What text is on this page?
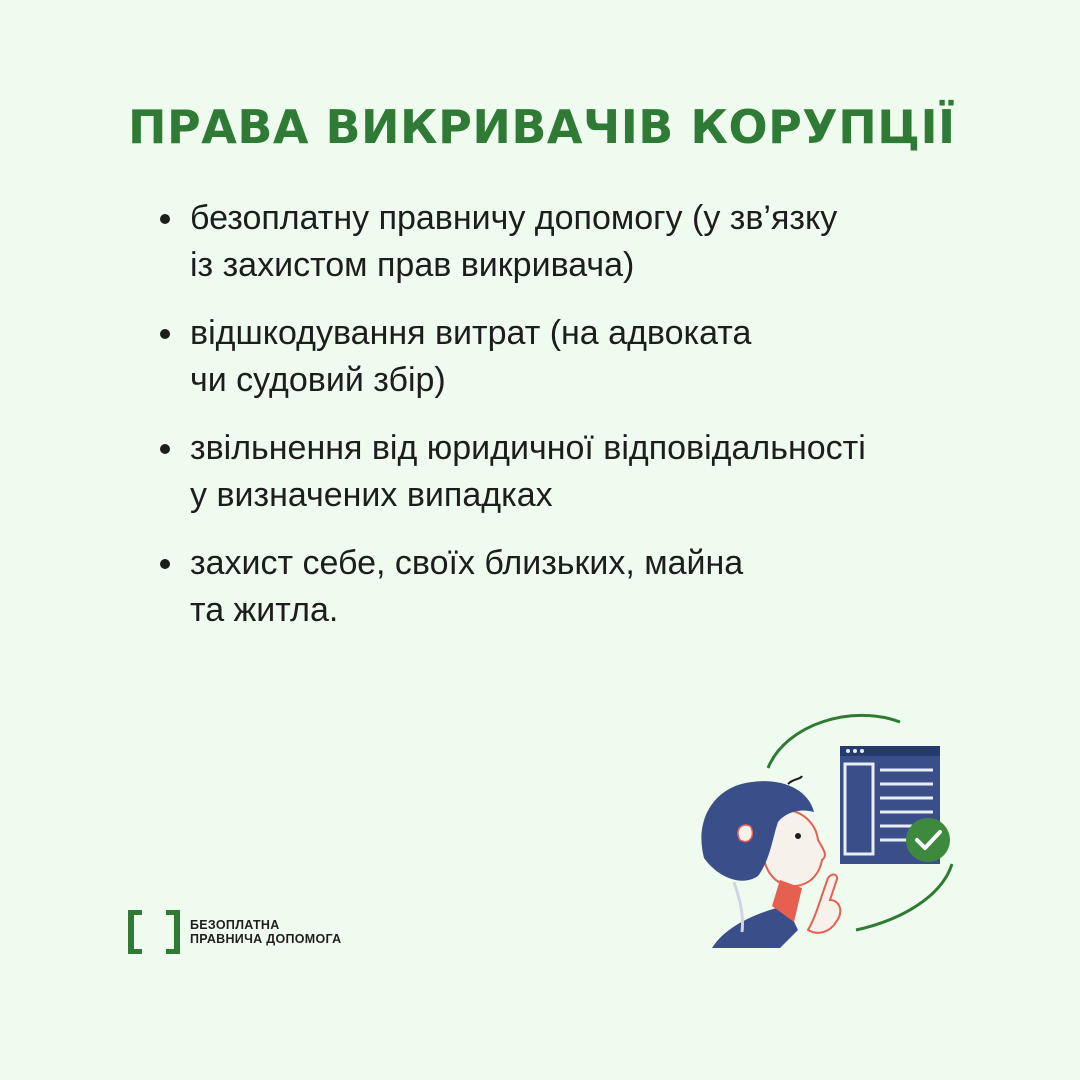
ПРАВА ВИКРИВАЧІВ КОРУПЦІЇ
безоплатну правничу допомогу (у зв’язку
із захистом прав викривача)
відшкодування витрат (на адвоката
чи судовий збір)
звільнення від юридичної відповідальності
у визначених випадках
захист себе, своїх близьких, майна
та житла.
БЕЗОПЛАТНА
ПРАВНИЧА ДОПОМОГА
